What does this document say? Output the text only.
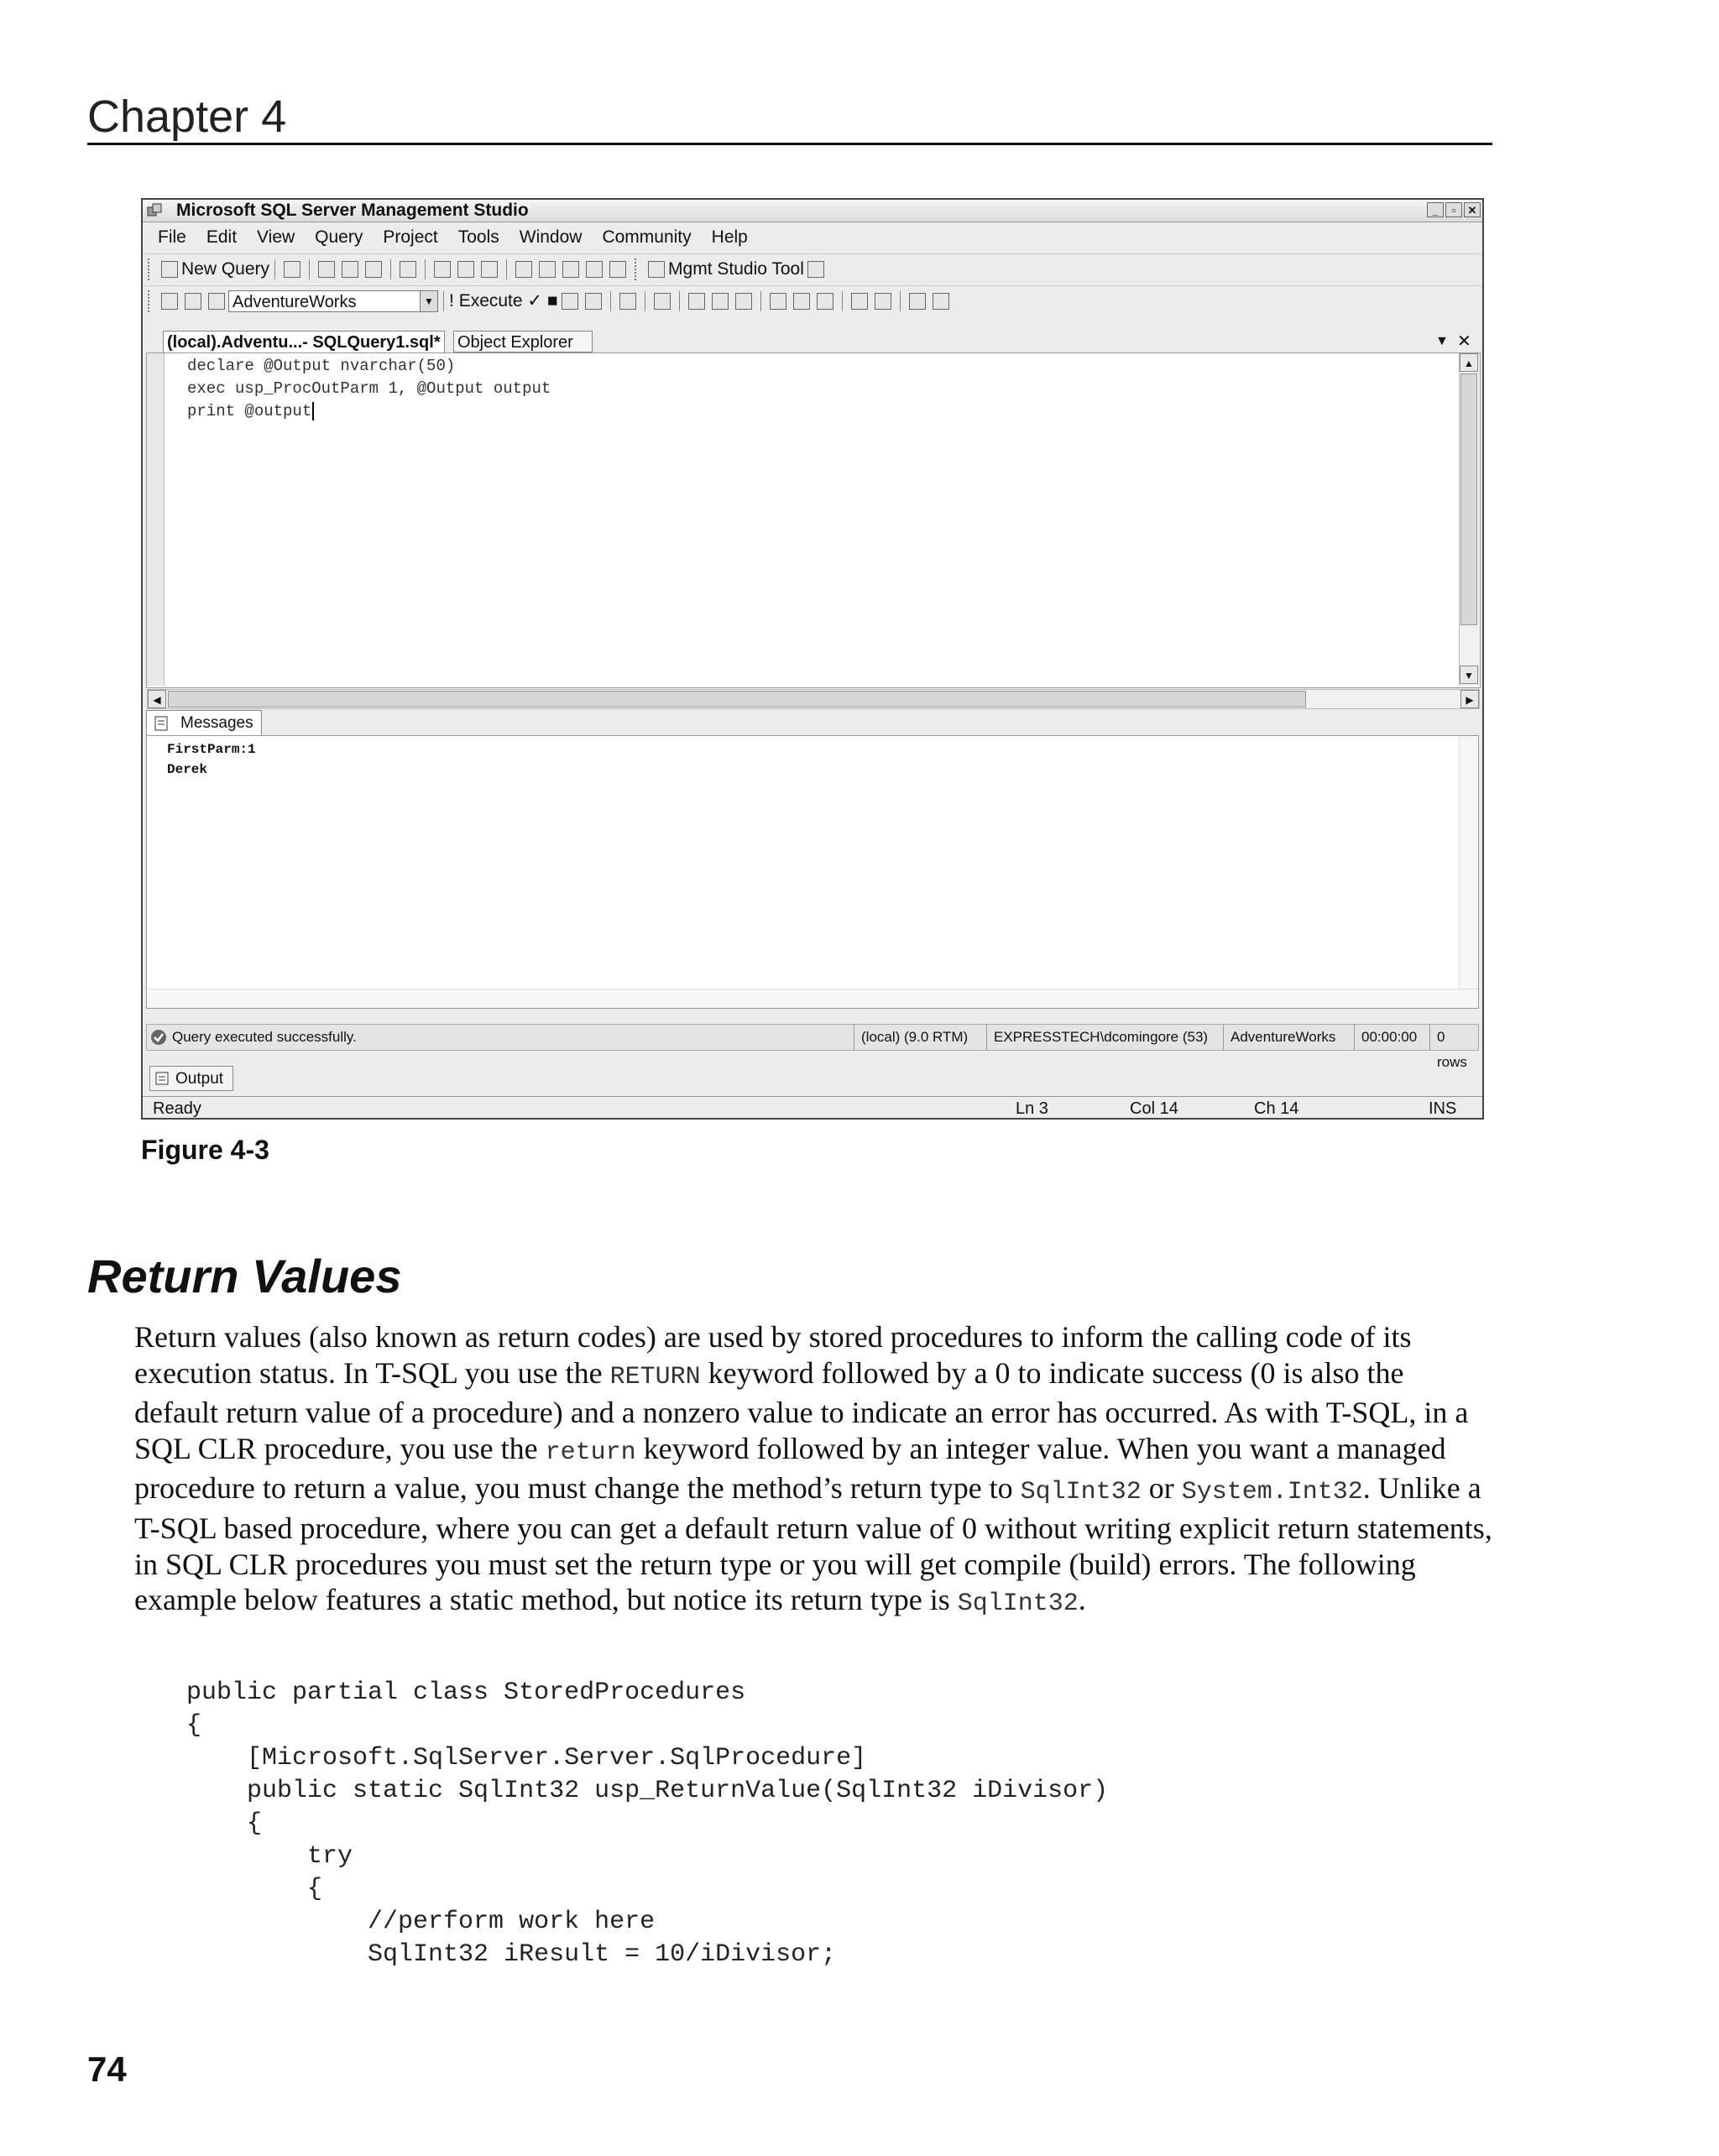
Chapter 4
Microsoft SQL Server Management Studio	_	▫	✕
File Edit View Query Project Tools Window Community Help
New Query	Mgmt Studio Tool
AdventureWorks	▼ ! Execute ✓ ■
(local).Adventu...- SQLQuery1.sql* Object Explorer	▼ ✕
declare @Output nvarchar(50)
exec usp_ProcOutParm 1, @Output output
print @output
▲
▼
◀	▶
Messages
FirstParm:1
Derek
Query executed successfully.	(local) (9.0 RTM)	EXPRESSTECH\dcomingore (53)	AdventureWorks	00:00:00	0 rows
Output
Ready	Ln 3	Col 14	Ch 14	INS
Figure 4-3
Return Values
Return values (also known as return codes) are used by stored procedures to inform the calling code of its execution status. In T-SQL you use the RETURN keyword followed by a 0 to indicate success (0 is also the default return value of a procedure) and a nonzero value to indicate an error has occurred. As with T-SQL, in a SQL CLR procedure, you use the return keyword followed by an integer value. When you want a managed procedure to return a value, you must change the method’s return type to SqlInt32 or System.Int32. Unlike a T-SQL based procedure, where you can get a default return value of 0 without writing explicit return statements, in SQL CLR procedures you must set the return type or you will get compile (build) errors. The following example below features a static method, but notice its return type is SqlInt32.
public partial class StoredProcedures
{
[Microsoft.SqlServer.Server.SqlProcedure]
public static SqlInt32 usp_ReturnValue(SqlInt32 iDivisor)
{
try
{
//perform work here
SqlInt32 iResult = 10/iDivisor;
74
